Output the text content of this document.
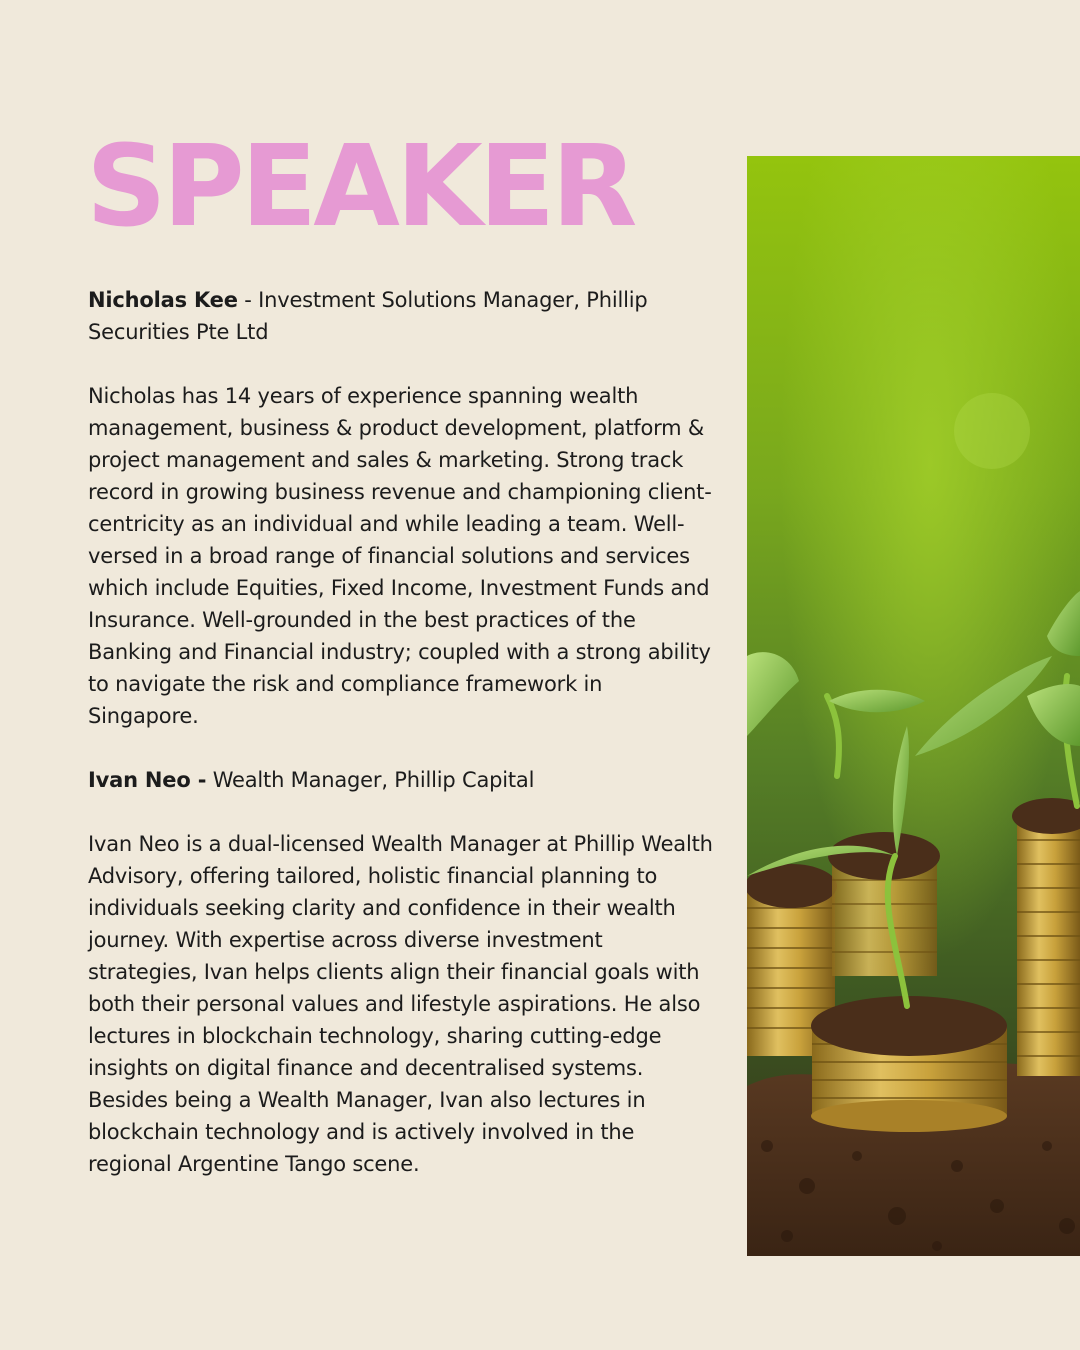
SPEAKER

Nicholas Kee - Investment Solutions Manager, Phillip Securities Pte Ltd

Nicholas has 14 years of experience spanning wealth management, business & product development, platform & project management and sales & marketing. Strong track record in growing business revenue and championing client-centricity as an individual and while leading a team. Well-versed in a broad range of financial solutions and services which include Equities, Fixed Income, Investment Funds and Insurance. Well-grounded in the best practices of the Banking and Financial industry; coupled with a strong ability to navigate the risk and compliance framework in Singapore.

Ivan Neo - Wealth Manager, Phillip Capital

Ivan Neo is a dual-licensed Wealth Manager at Phillip Wealth Advisory, offering tailored, holistic financial planning to individuals seeking clarity and confidence in their wealth journey. With expertise across diverse investment strategies, Ivan helps clients align their financial goals with both their personal values and lifestyle aspirations. He also lectures in blockchain technology, sharing cutting-edge insights on digital finance and decentralised systems. Besides being a Wealth Manager, Ivan also lectures in blockchain technology and is actively involved in the regional Argentine Tango scene.
